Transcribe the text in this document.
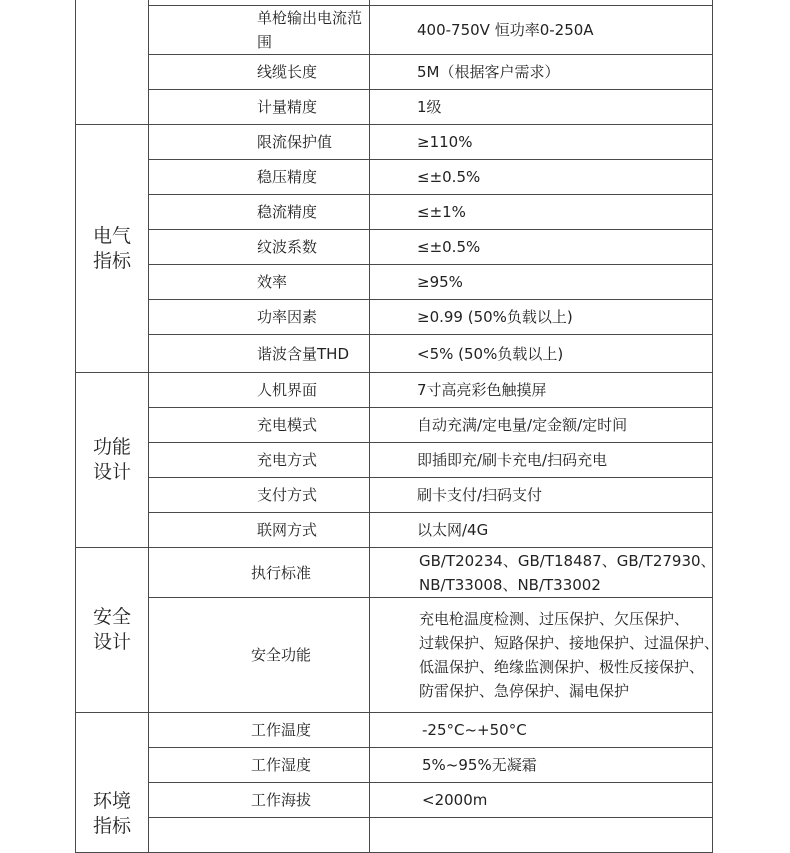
	单枪输出电流范围	400-750V 恒功率0-250A
	线缆长度	5M（根据客户需求）
	计量精度	1级

电气
指标	限流保护值	≥110%
	稳压精度	≤±0.5%
	稳流精度	≤±1%
	纹波系数	≤±0.5%
	效率	≥95%
	功率因素	≥0.99 (50%负载以上)
	谐波含量THD	<5% (50%负载以上)

功能
设计	人机界面	7寸高亮彩色触摸屏
	充电模式	自动充满/定电量/定金额/定时间
	充电方式	即插即充/刷卡充电/扫码充电
	支付方式	刷卡支付/扫码支付
	联网方式	以太网/4G

安全
设计	执行标准	GB/T20234、GB/T18487、GB/T27930、
NB/T33008、NB/T33002

	安全功能	充电枪温度检测、过压保护、欠压保护、
过载保护、短路保护、接地保护、过温保护、
低温保护、绝缘监测保护、极性反接保护、
防雷保护、急停保护、漏电保护

环境
指标	工作温度	-25°C~+50°C
	工作湿度	5%~95%无凝霜
	工作海拔	<2000m
